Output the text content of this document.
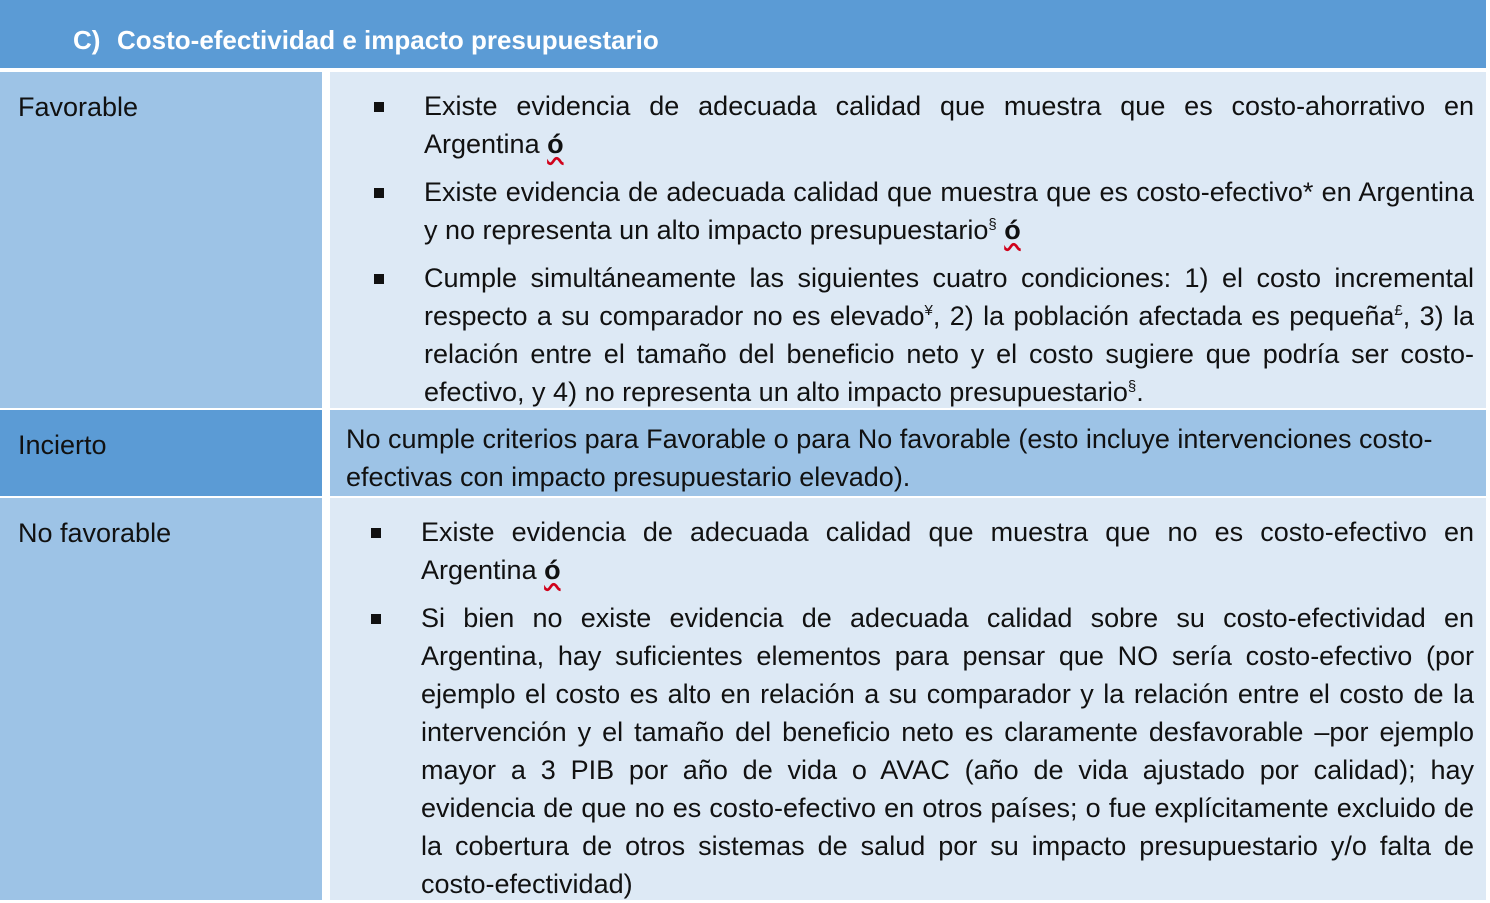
C) Costo-efectividad e impacto presupuestario
Favorable	Existe evidencia de adecuada calidad que muestra que es costo-ahorrativo en Argentina ó
Existe evidencia de adecuada calidad que muestra que es costo-efectivo* en Argentina y no representa un alto impacto presupuestario§ ó
Cumple simultáneamente las siguientes cuatro condiciones: 1) el costo incremental respecto a su comparador no es elevado¥, 2) la población afectada es pequeña£, 3) la relación entre el tamaño del beneficio neto y el costo sugiere que podría ser costo-efectivo, y 4) no representa un alto impacto presupuestario§.
Incierto	No cumple criterios para Favorable o para No favorable (esto incluye intervenciones costo-efectivas con impacto presupuestario elevado).
No favorable	Existe evidencia de adecuada calidad que muestra que no es costo-efectivo en Argentina ó
Si bien no existe evidencia de adecuada calidad sobre su costo-efectividad en Argentina, hay suficientes elementos para pensar que NO sería costo-efectivo (por ejemplo el costo es alto en relación a su comparador y la relación entre el costo de la intervención y el tamaño del beneficio neto es claramente desfavorable –por ejemplo mayor a 3 PIB por año de vida o AVAC (año de vida ajustado por calidad); hay evidencia de que no es costo-efectivo en otros países; o fue explícitamente excluido de la cobertura de otros sistemas de salud por su impacto presupuestario y/o falta de costo-efectividad)
